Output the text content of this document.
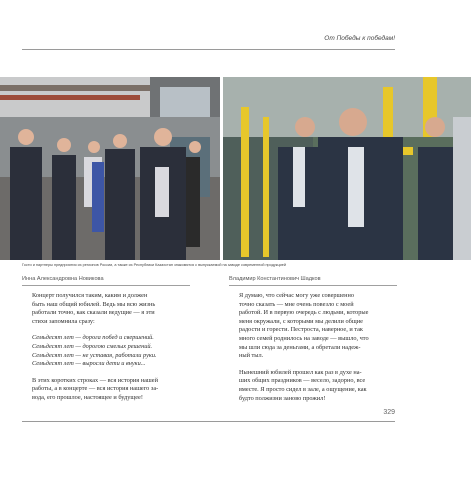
От Победы к победам!
Гости и партнеры предприятия из регионов России, а также из Республики Казахстан знакомятся с выпускаемой на заводе современной продукцией
Инна Александровна Новикова
Концерт получился таким, каким и должен
быть наш общий юбилей. Ведь мы всю жизнь
работали точно, как сказали ведущие — я эти
стихи запомнила сразу:
Семьдесят лет — дорога побед и свершений.
Семьдесят лет — дорогою смелых решений.
Семьдесят лет — не уставая, работали руки.
Семьдесят лет — выросли дети и внуки...
В этих коротких строках — вся история нашей
работы, а в концерте — вся история нашего за-
вода, его прошлое, настоящее и будущее!
Владимир Константинович Шадков
Я думаю, что сейчас могу уже совершенно
точно сказать — мне очень повезло с моей
работой. И в первую очередь с людьми, которые
меня окружали, с которыми мы делили общие
радости и горести. Пестроста, наверное, и так
много семей роднилось на заводе — вышло, что
мы шли сюда за деньгами, а обретали надеж-
ный тыл.
Нынешний юбилей прошел как раз в духе на-
ших общих праздников — весело, задорно, все
вместе. Я просто сидел в зале, а ощущение, как
будто полжизни заново прожил!
329
